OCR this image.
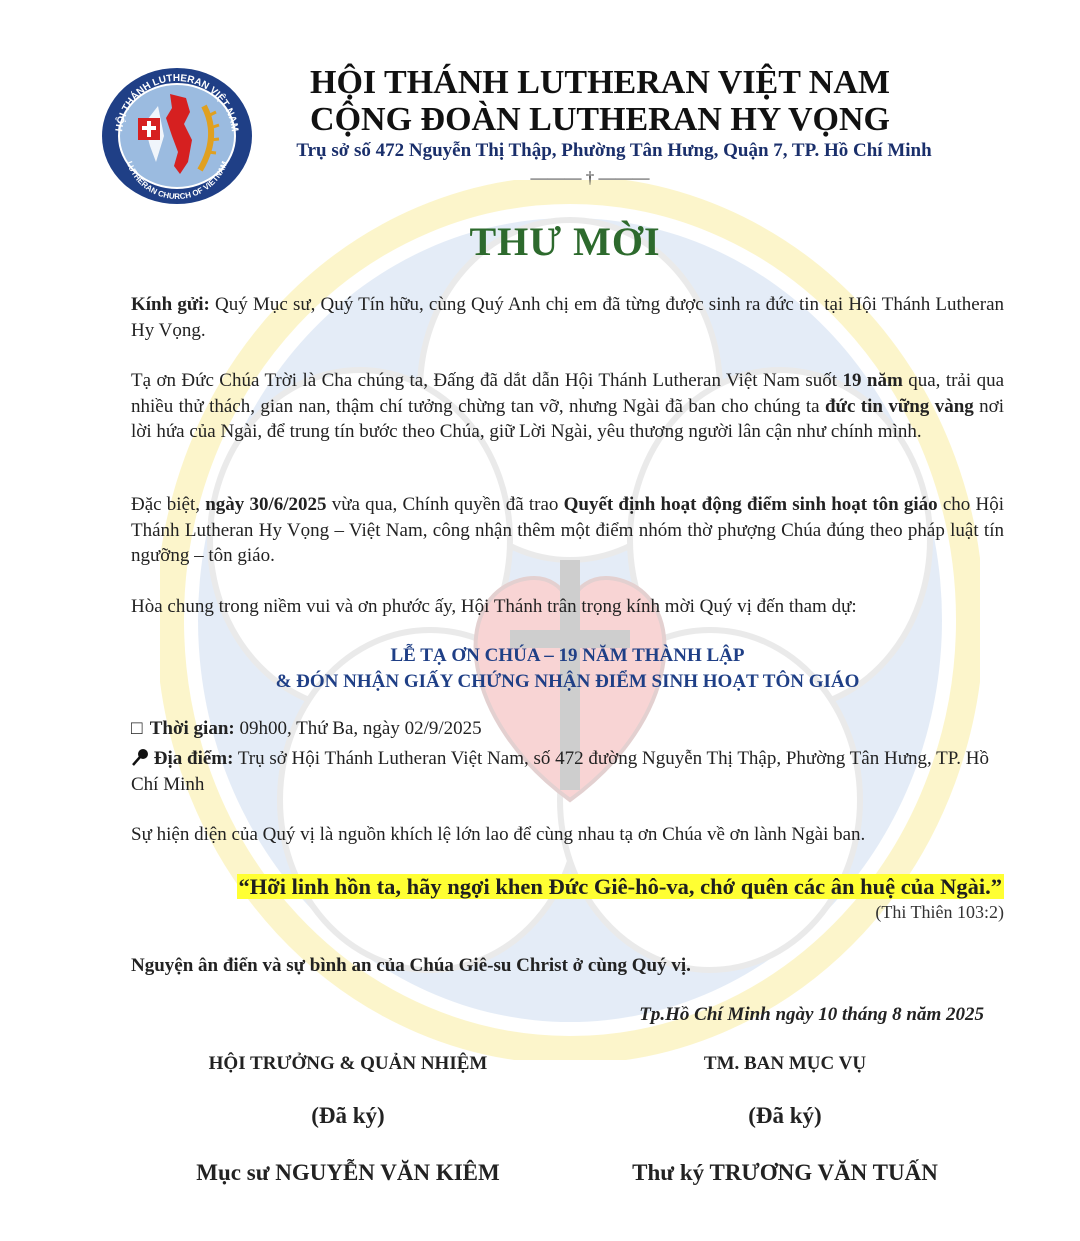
HỘI THÁNH LUTHERAN VIỆT NAM
LUTHERAN CHURCH OF VIETNAM
LCV
HỘI THÁNH LUTHERAN VIỆT NAM
CỘNG ĐOÀN LUTHERAN HY VỌNG
Trụ sở số 472 Nguyễn Thị Thập, Phường Tân Hưng, Quận 7, TP. Hồ Chí Minh
——— † ———
THƯ MỜI
Kính gửi: Quý Mục sư, Quý Tín hữu, cùng Quý Anh chị em đã từng được sinh ra đức tin tại Hội Thánh Lutheran Hy Vọng.
Tạ ơn Đức Chúa Trời là Cha chúng ta, Đấng đã dắt dẫn Hội Thánh Lutheran Việt Nam suốt 19 năm qua, trải qua nhiều thử thách, gian nan, thậm chí tưởng chừng tan vỡ, nhưng Ngài đã ban cho chúng ta đức tin vững vàng nơi lời hứa của Ngài, để trung tín bước theo Chúa, giữ Lời Ngài, yêu thương người lân cận như chính mình.
Đặc biệt, ngày 30/6/2025 vừa qua, Chính quyền đã trao Quyết định hoạt động điểm sinh hoạt tôn giáo cho Hội Thánh Lutheran Hy Vọng – Việt Nam, công nhận thêm một điểm nhóm thờ phượng Chúa đúng theo pháp luật tín ngưỡng – tôn giáo.
Hòa chung trong niềm vui và ơn phước ấy, Hội Thánh trân trọng kính mời Quý vị đến tham dự:
LỄ TẠ ƠN CHÚA – 19 NĂM THÀNH LẬP
& ĐÓN NHẬN GIẤY CHỨNG NHẬN ĐIỂM SINH HOẠT TÔN GIÁO
□ Thời gian: 09h00, Thứ Ba, ngày 02/9/2025
Địa điểm: Trụ sở Hội Thánh Lutheran Việt Nam, số 472 đường Nguyễn Thị Thập, Phường Tân Hưng, TP. Hồ Chí Minh
Sự hiện diện của Quý vị là nguồn khích lệ lớn lao để cùng nhau tạ ơn Chúa về ơn lành Ngài ban.
“Hỡi linh hồn ta, hãy ngợi khen Đức Giê-hô-va, chớ quên các ân huệ của Ngài.”
(Thi Thiên 103:2)
Nguyện ân điển và sự bình an của Chúa Giê-su Christ ở cùng Quý vị.
Tp.Hồ Chí Minh ngày 10 tháng 8 năm 2025
HỘI TRƯỞNG & QUẢN NHIỆM	TM. BAN MỤC VỤ
(Đã ký)	(Đã ký)
Mục sư NGUYỄN VĂN KIÊM	Thư ký TRƯƠNG VĂN TUẤN
